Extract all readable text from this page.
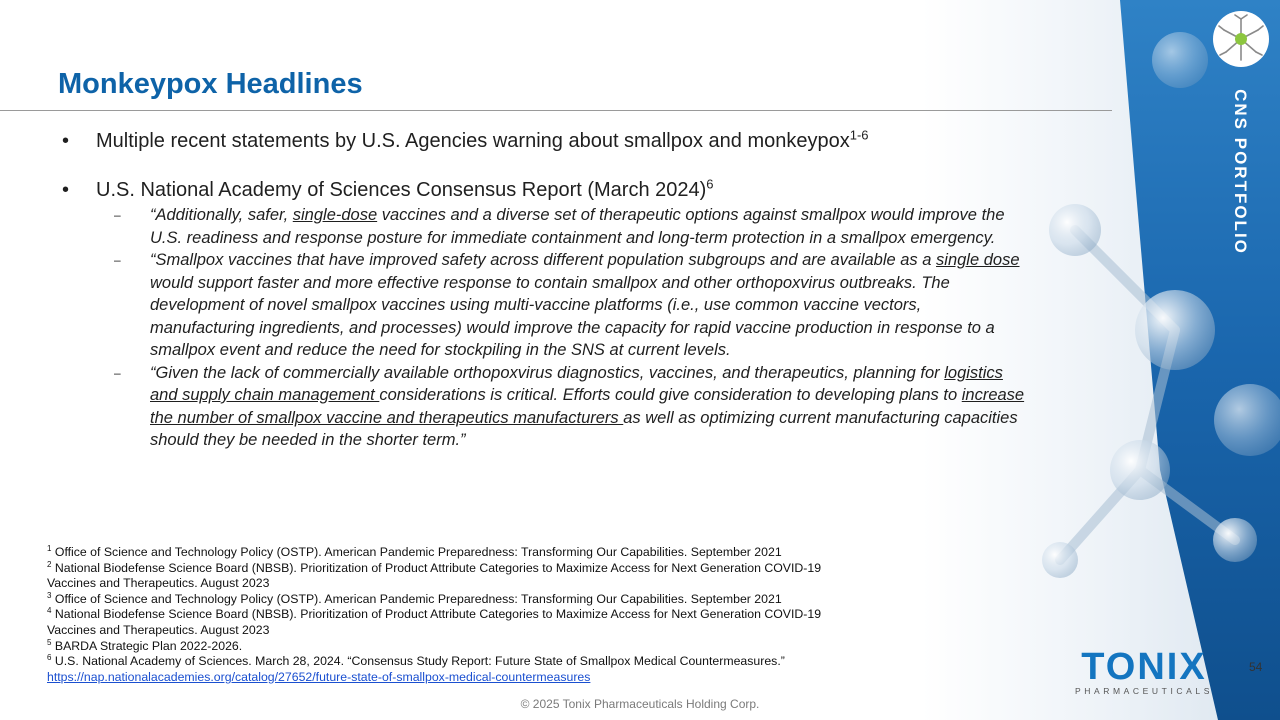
CNS PORTFOLIO
Monkeypox Headlines
• Multiple recent statements by U.S. Agencies warning about smallpox and monkeypox$^{1-6}$
• U.S. National Academy of Sciences Consensus Report (March 2024)$^6$
– “Additionally, safer, single-dose vaccines and a diverse set of therapeutic options against smallpox would improve the U.S. readiness and response posture for immediate containment and long-term protection in a smallpox emergency.
– “Smallpox vaccines that have improved safety across different population subgroups and are available as a single dose would support faster and more effective response to contain smallpox and other orthopoxvirus outbreaks. The development of novel smallpox vaccines using multi-vaccine platforms (i.e., use common vaccine vectors, manufacturing ingredients, and processes) would improve the capacity for rapid vaccine production in response to a smallpox event and reduce the need for stockpiling in the SNS at current levels.
– “Given the lack of commercially available orthopoxvirus diagnostics, vaccines, and therapeutics, planning for logistics and supply chain management considerations is critical. Efforts could give consideration to developing plans to increase the number of smallpox vaccine and therapeutics manufacturers as well as optimizing current manufacturing capacities should they be needed in the shorter term.”
$^1$ Office of Science and Technology Policy (OSTP). American Pandemic Preparedness: Transforming Our Capabilities. September 2021
$^2$ National Biodefense Science Board (NBSB). Prioritization of Product Attribute Categories to Maximize Access for Next Generation COVID-19 Vaccines and Therapeutics. August 2023
$^3$ Office of Science and Technology Policy (OSTP). American Pandemic Preparedness: Transforming Our Capabilities. September 2021
$^4$ National Biodefense Science Board (NBSB). Prioritization of Product Attribute Categories to Maximize Access for Next Generation COVID-19 Vaccines and Therapeutics. August 2023
$^5$ BARDA Strategic Plan 2022-2026.
$^6$ U.S. National Academy of Sciences. March 28, 2024. “Consensus Study Report: Future State of Smallpox Medical Countermeasures.”
https://nap.nationalacademies.org/catalog/27652/future-state-of-smallpox-medical-countermeasures	TONIX
PHARMACEUTICALS
54
© 2025 Tonix Pharmaceuticals Holding Corp.
